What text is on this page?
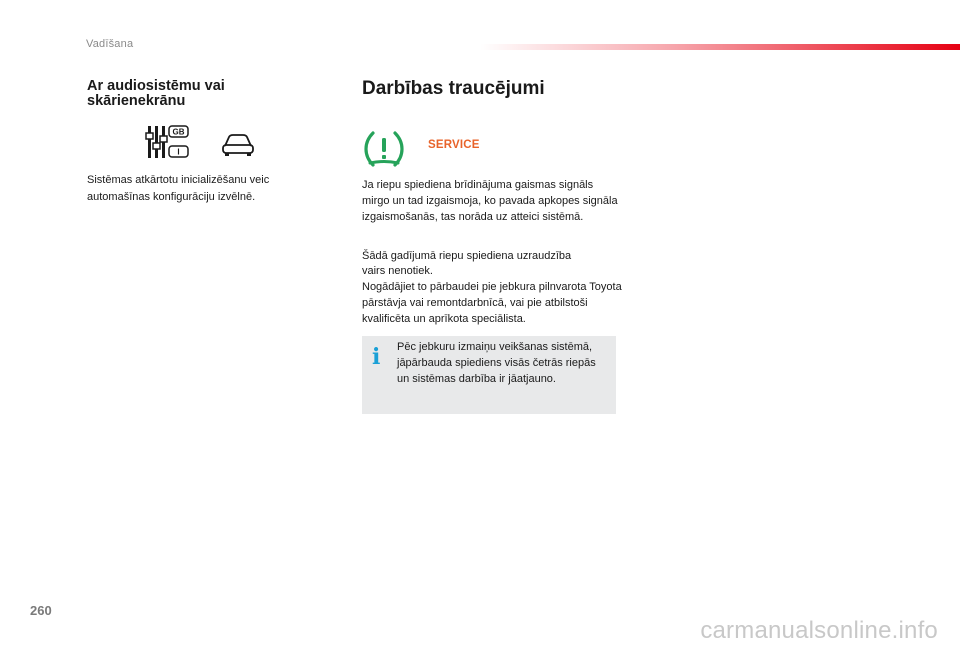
Vadīšana
Ar audiosistēmu vai skārienekrānu
GB
I
Sistēmas atkārtotu inicializēšanu veic automašīnas konfigurāciju izvēlnē.
Darbības traucējumi
SERVICE

Ja riepu spiediena brīdinājuma gaismas signāls mirgo un tad izgaismoja, ko pavada apkopes signāla izgaismošanās, tas norāda uz atteici sistēmā.

Šādā gadījumā riepu spiediena uzraudzība

vairs nenotiek.
Nogādājiet to pārbaudei pie jebkura pilnvarota Toyota pārstāvja vai remontdarbnīcā, vai pie atbilstoši kvalificēta un aprīkota speciālista.

i Pēc jebkuru izmaiņu veikšanas sistēmā, jāpārbauda spiediens visās četrās riepās un sistēmas darbība ir jāatjauno.
260
carmanualsonline.info
